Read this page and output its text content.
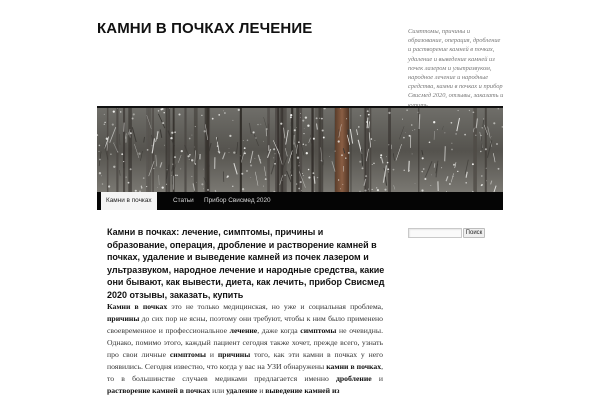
КАМНИ В ПОЧКАХ ЛЕЧЕНИЕ	Симптомы, причины и образование, операция, дробление и растворение камней в почках, удаление и выведение камней из почек лазером и ультразвуком, народное лечение и народные средства, камни в почках и прибор Свисмед 2020, отзывы, заказать и
Камни в почках	Статьи	Прибор Свисмед 2020
Камни в почках: лечение, симптомы, причины и образование, операция, дробление и растворение камней в почках, удаление и выведение камней из почек лазером и ультразвуком, народное лечение и народные средства, какие они бывают, как вывести, диета, как лечить, прибор Свисмед 2020 отзывы, заказать, купить

Камни в почках это не только медицинская, но уже и социальная проблема, причины до сих пор не ясны, поэтому они требуют, чтобы к ним было применено своевременное и профессиональное лечение, даже когда симптомы не очевидны. Однако, помимо этого, каждый пациент сегодня также хочет, прежде всего, узнать про свои личные симптомы и причины того, как эти камни в почках у него появились. Сегодня известно, что когда у вас на УЗИ обнаружены камни в почках, то в большинстве случаев медиками предлагается именно дробление и растворение камней в почках или удаление и выведение камней из

Поиск
